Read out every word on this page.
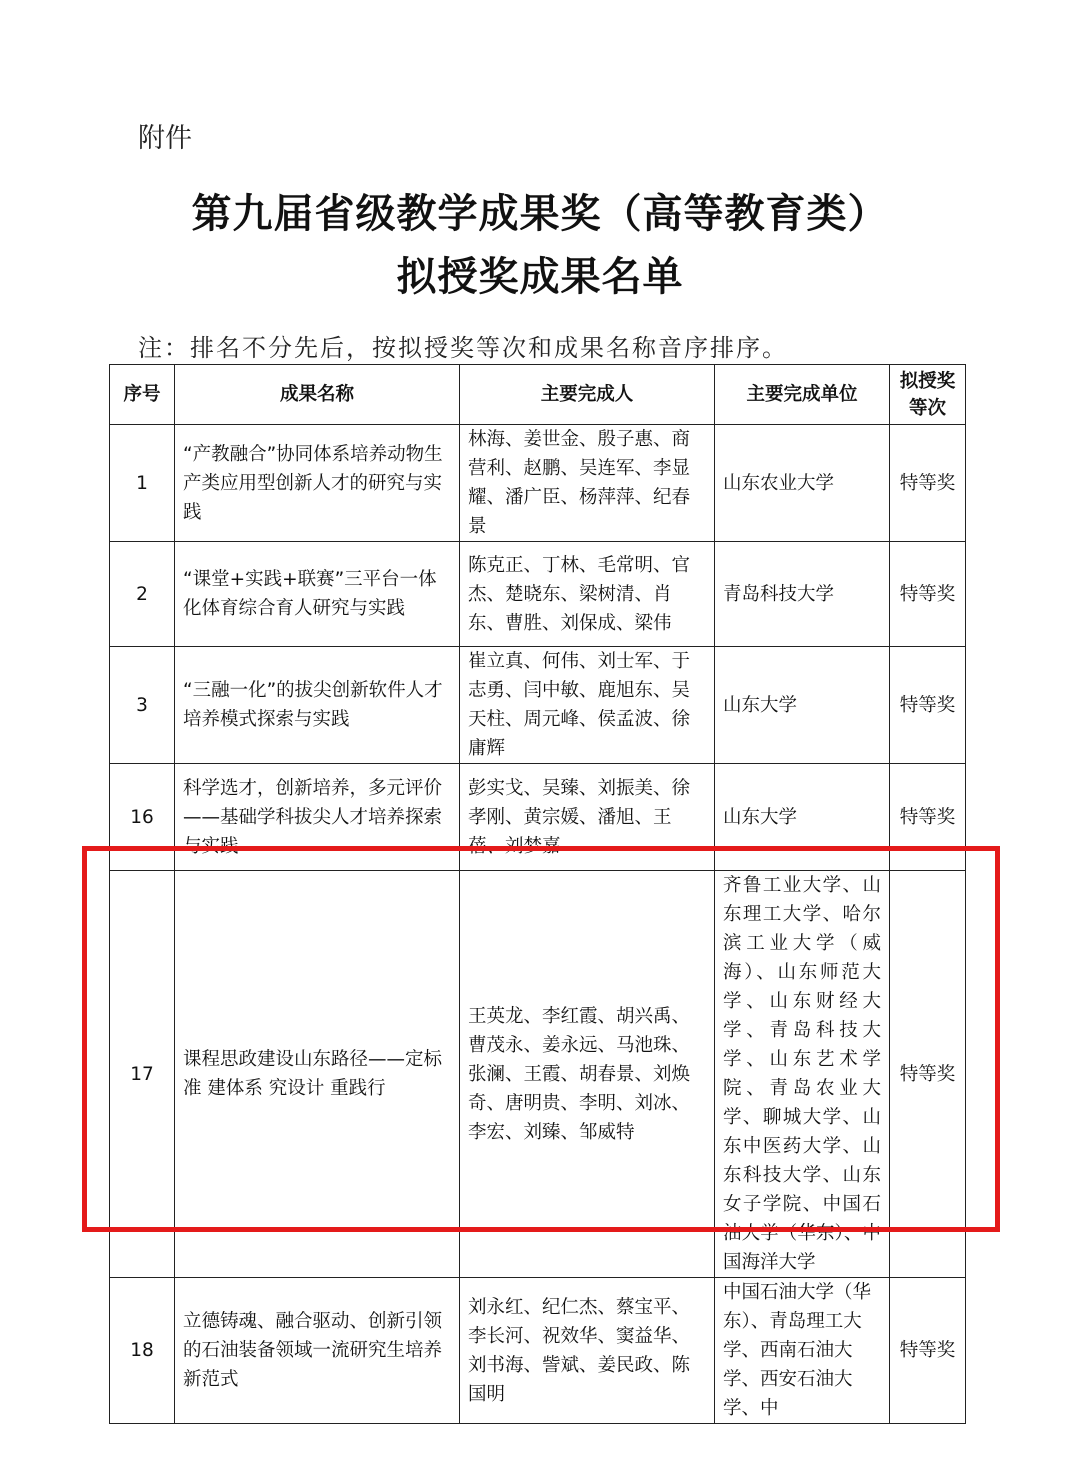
附件
第九届省级教学成果奖（高等教育类）
拟授奖成果名单
注：排名不分先后，按拟授奖等次和成果名称音序排序。
序号	成果名称	主要完成人	主要完成单位	拟授奖等次
1	“产教融合”协同体系培养动物生产类应用型创新人才的研究与实践	林海、姜世金、殷子惠、商营利、赵鹏、吴连军、李显耀、潘广臣、杨萍萍、纪春景	山东农业大学	特等奖
2	“课堂+实践+联赛”三平台一体化体育综合育人研究与实践	陈克正、丁林、毛常明、官杰、楚晓东、梁树清、肖东、曹胜、刘保成、梁伟	青岛科技大学	特等奖
3	“三融一化”的拔尖创新软件人才培养模式探索与实践	崔立真、何伟、刘士军、于志勇、闫中敏、鹿旭东、吴天柱、周元峰、侯孟波、徐庸辉	山东大学	特等奖
16	科学选才，创新培养，多元评价——基础学科拔尖人才培养探索与实践	彭实戈、吴臻、刘振美、徐孝刚、黄宗媛、潘旭、王蓓、刘梦嘉	山东大学	特等奖
17	课程思政建设山东路径——定标准 建体系 究设计 重践行	王英龙、李红霞、胡兴禹、曹茂永、姜永远、马池珠、张澜、王霞、胡春景、刘焕奇、唐明贵、李明、刘冰、李宏、刘臻、邹威特	齐鲁工业大学、山东理工大学、哈尔滨工业大学（威海）、山东师范大学、山东财经大学、青岛科技大学、山东艺术学院、青岛农业大学、聊城大学、山东中医药大学、山东科技大学、山东女子学院、中国石油大学（华东）、中国海洋大学	特等奖
18	立德铸魂、融合驱动、创新引领的石油装备领域一流研究生培养新范式	刘永红、纪仁杰、蔡宝平、李长河、祝效华、窦益华、刘书海、訾斌、姜民政、陈国明	中国石油大学（华东）、青岛理工大学、西南石油大学、西安石油大学、中	特等奖
